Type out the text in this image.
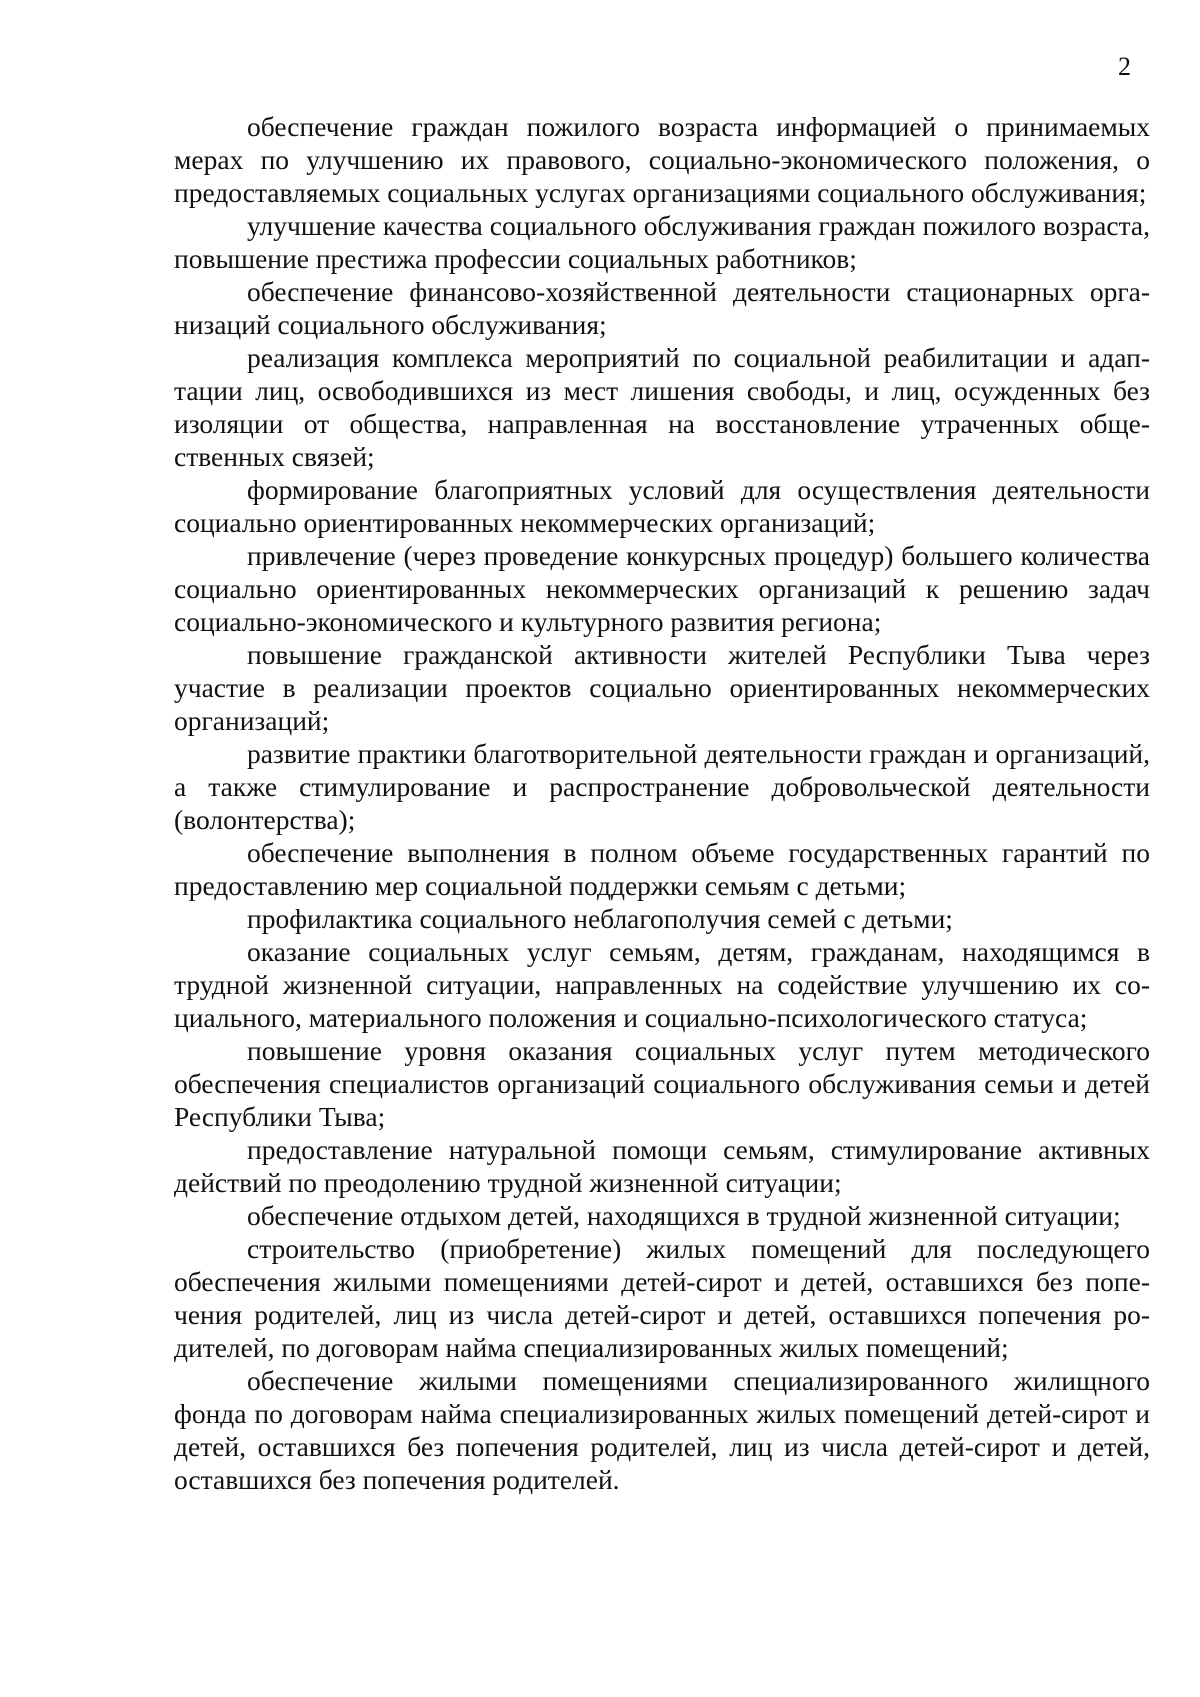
2

обеспечение граждан пожилого возраста информацией о принимаемых мерах по улучшению их правового, социально-экономического положения, о предоставляемых социальных услугах организациями социального обслуживания;

улучшение качества социального обслуживания граждан пожилого возраста, повышение престижа профессии социальных работников;

обеспечение финансово-хозяйственной деятельности стационарных организаций социального обслуживания;

реализация комплекса мероприятий по социальной реабилитации и адаптации лиц, освободившихся из мест лишения свободы, и лиц, осужденных без изоляции от общества, направленная на восстановление утраченных общественных связей;

формирование благоприятных условий для осуществления деятельности социально ориентированных некоммерческих организаций;

привлечение (через проведение конкурсных процедур) большего количества социально ориентированных некоммерческих организаций к решению задач социально-экономического и культурного развития региона;

повышение гражданской активности жителей Республики Тыва через участие в реализации проектов социально ориентированных некоммерческих организаций;

развитие практики благотворительной деятельности граждан и организаций, а также стимулирование и распространение добровольческой деятельности (волонтерства);

обеспечение выполнения в полном объеме государственных гарантий по предоставлению мер социальной поддержки семьям с детьми;

профилактика социального неблагополучия семей с детьми;

оказание социальных услуг семьям, детям, гражданам, находящимся в трудной жизненной ситуации, направленных на содействие улучшению их социального, материального положения и социально-психологического статуса;

повышение уровня оказания социальных услуг путем методического обеспечения специалистов организаций социального обслуживания семьи и детей Республики Тыва;

предоставление натуральной помощи семьям, стимулирование активных действий по преодолению трудной жизненной ситуации;

обеспечение отдыхом детей, находящихся в трудной жизненной ситуации;

строительство (приобретение) жилых помещений для последующего обеспечения жилыми помещениями детей-сирот и детей, оставшихся без попечения родителей, лиц из числа детей-сирот и детей, оставшихся попечения родителей, по договорам найма специализированных жилых помещений;

обеспечение жилыми помещениями специализированного жилищного фонда по договорам найма специализированных жилых помещений детей-сирот и детей, оставшихся без попечения родителей, лиц из числа детей-сирот и детей, оставшихся без попечения родителей.
